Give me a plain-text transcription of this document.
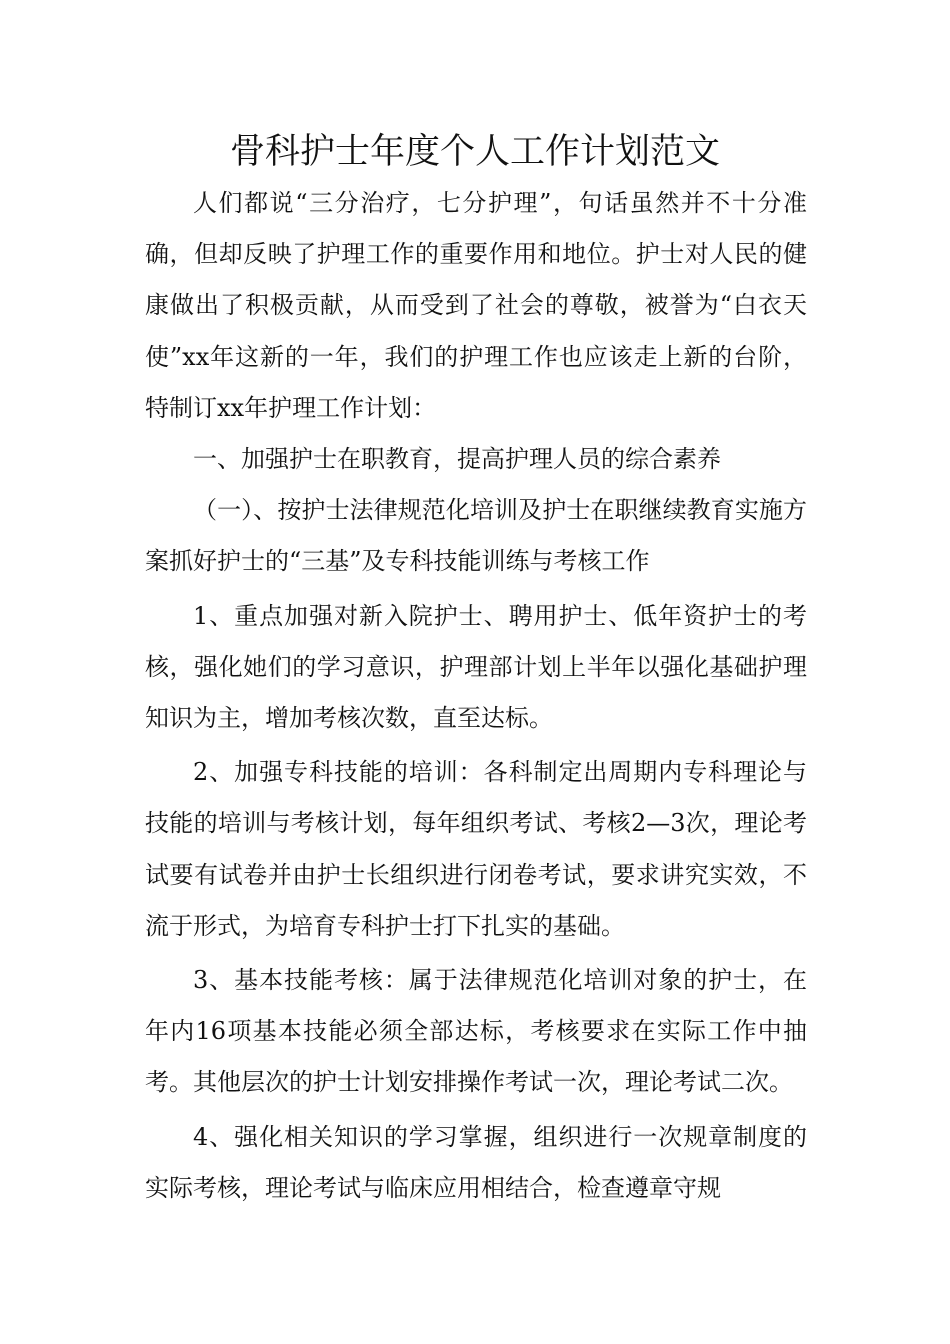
骨科护士年度个人工作计划范文

人们都说“三分治疗，七分护理”，句话虽然并不十分准确，但却反映了护理工作的重要作用和地位。护士对人民的健康做出了积极贡献，从而受到了社会的尊敬，被誉为“白衣天使”xx年这新的一年，我们的护理工作也应该走上新的台阶，特制订xx年护理工作计划：

一、加强护士在职教育，提高护理人员的综合素养

（一）、按护士法律规范化培训及护士在职继续教育实施方案抓好护士的“三基”及专科技能训练与考核工作

1、重点加强对新入院护士、聘用护士、低年资护士的考核，强化她们的学习意识，护理部计划上半年以强化基础护理知识为主，增加考核次数，直至达标。

2、加强专科技能的培训：各科制定出周期内专科理论与技能的培训与考核计划，每年组织考试、考核2—3次，理论考试要有试卷并由护士长组织进行闭卷考试，要求讲究实效，不流于形式，为培育专科护士打下扎实的基础。

3、基本技能考核：属于法律规范化培训对象的护士，在年内16项基本技能必须全部达标，考核要求在实际工作中抽考。其他层次的护士计划安排操作考试一次，理论考试二次。

4、强化相关知识的学习掌握，组织进行一次规章制度的实际考核，理论考试与临床应用相结合，检查遵章守规
